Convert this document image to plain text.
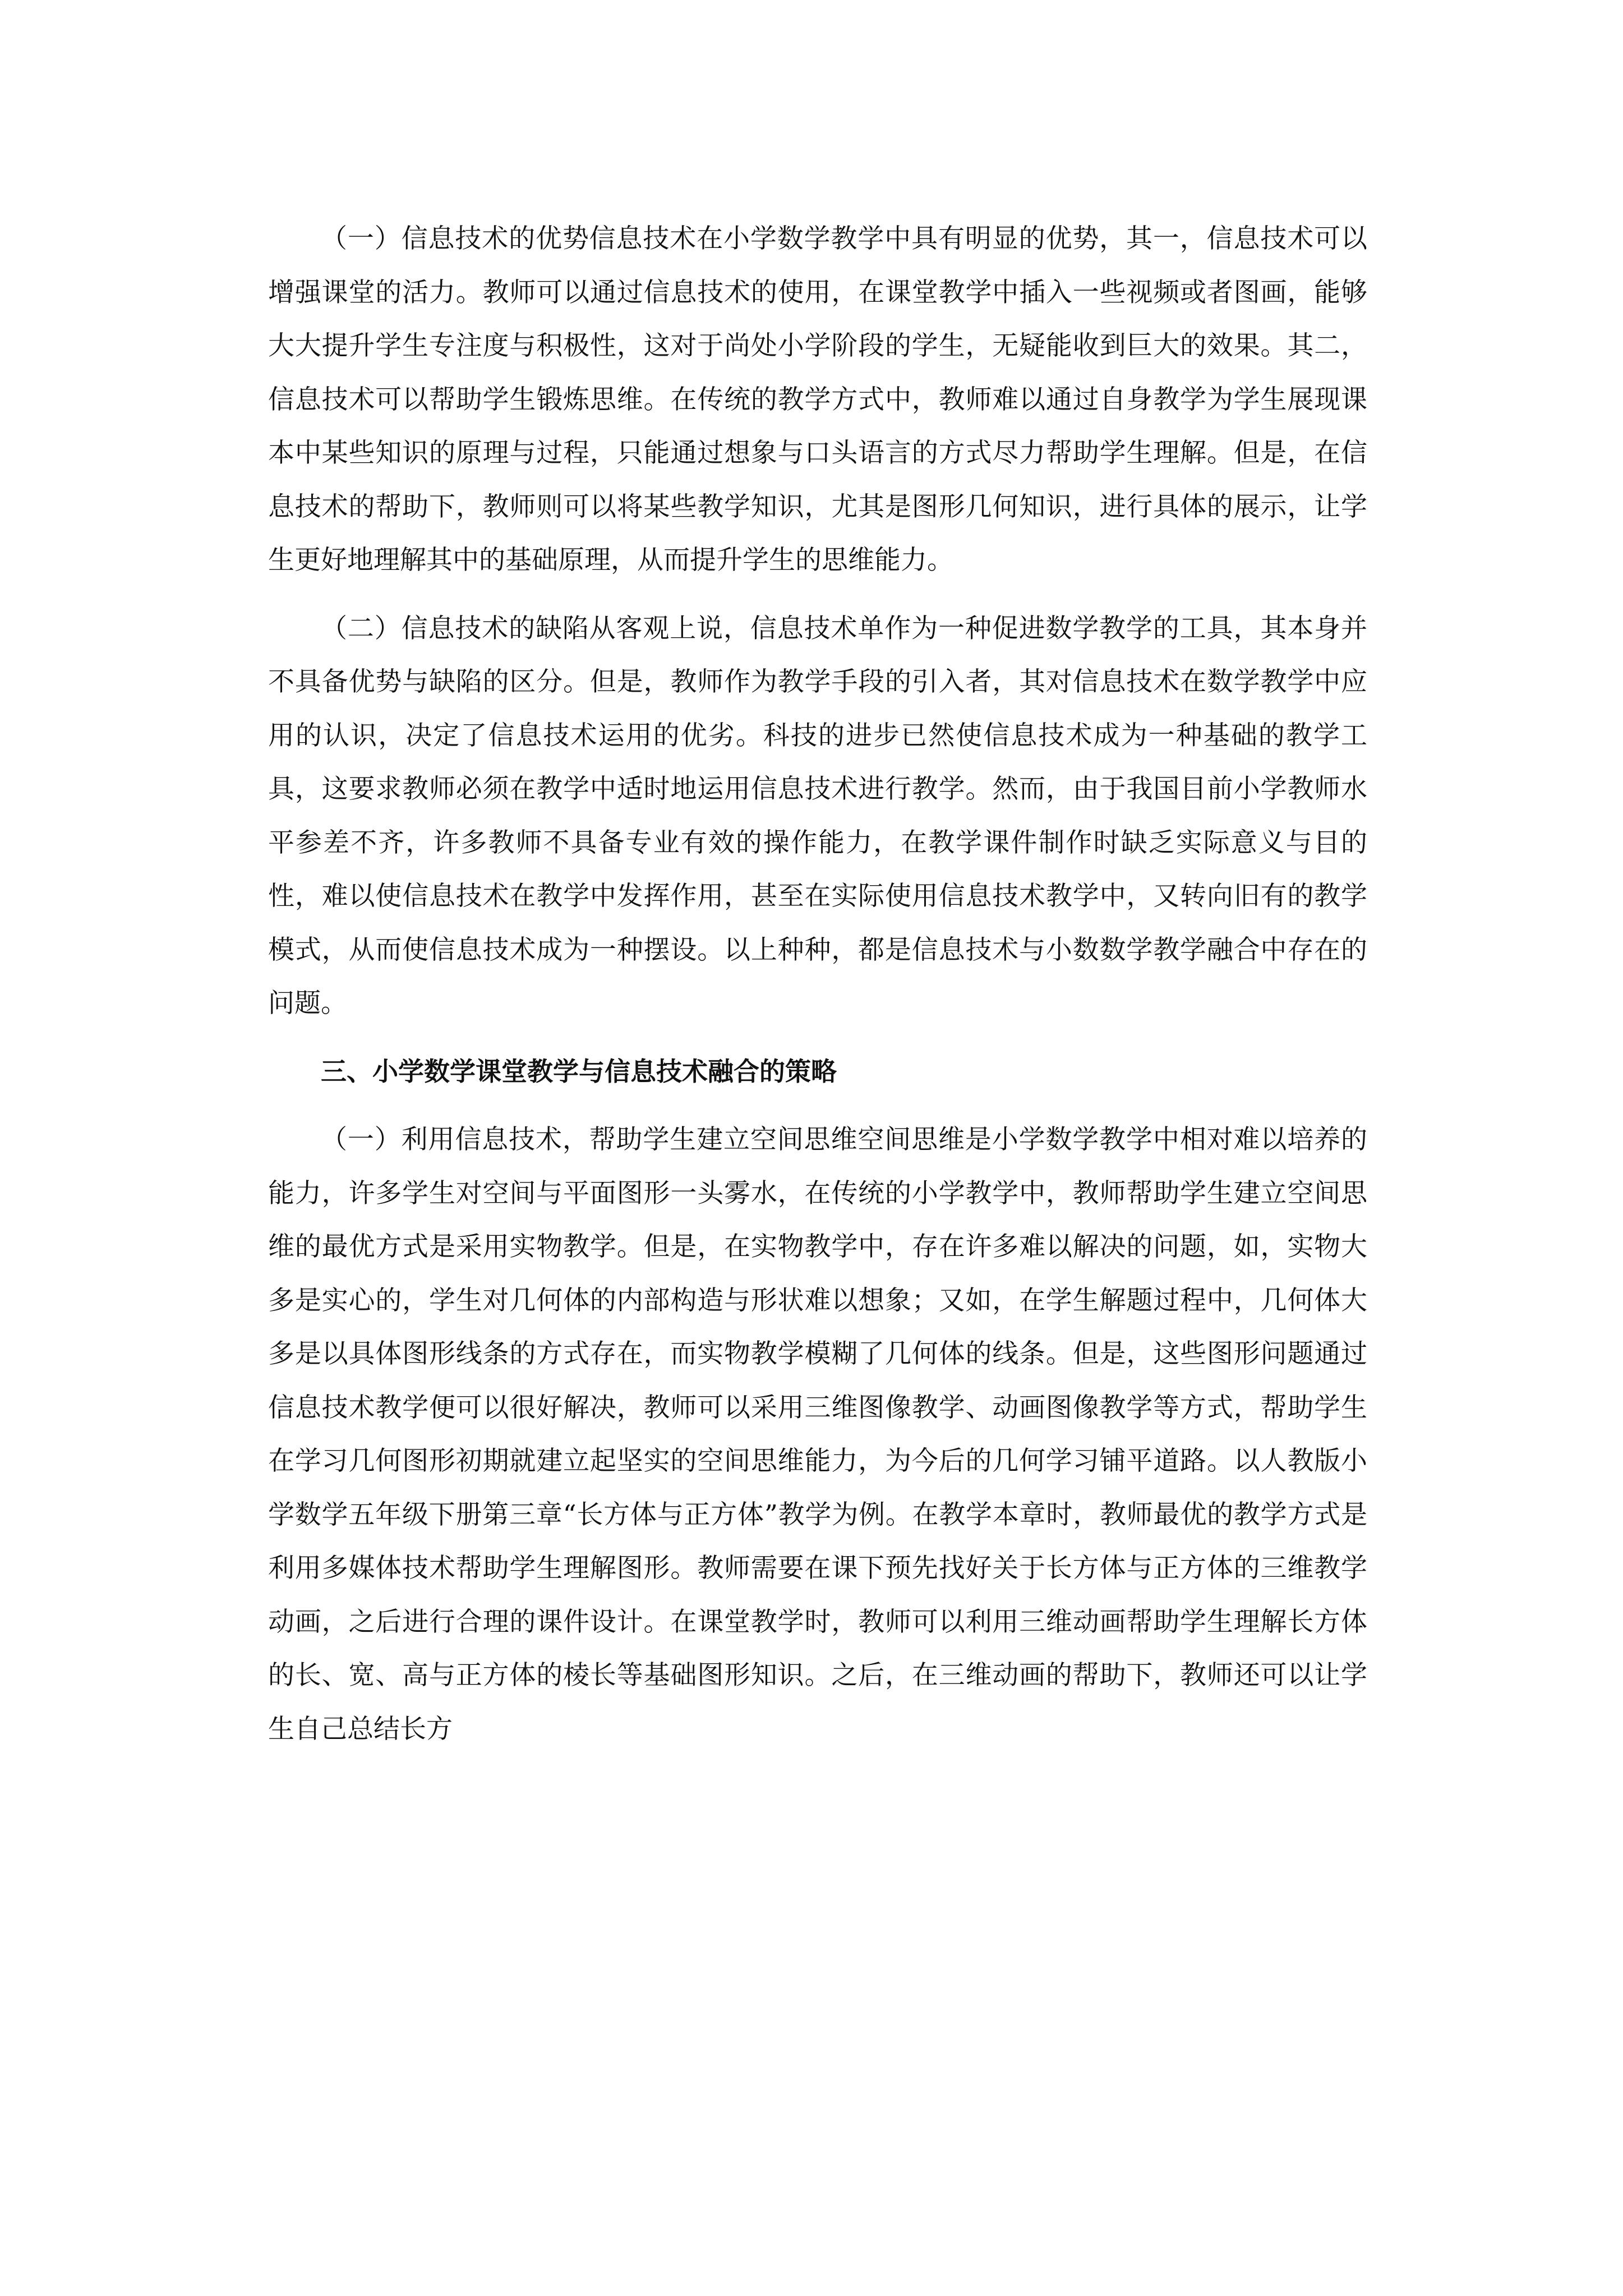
（一）信息技术的优势信息技术在小学数学教学中具有明显的优势，其一，信息技术可以增强课堂的活力。教师可以通过信息技术的使用，在课堂教学中插入一些视频或者图画，能够大大提升学生专注度与积极性，这对于尚处小学阶段的学生，无疑能收到巨大的效果。其二，信息技术可以帮助学生锻炼思维。在传统的教学方式中，教师难以通过自身教学为学生展现课本中某些知识的原理与过程，只能通过想象与口头语言的方式尽力帮助学生理解。但是，在信息技术的帮助下，教师则可以将某些教学知识，尤其是图形几何知识，进行具体的展示，让学生更好地理解其中的基础原理，从而提升学生的思维能力。

（二）信息技术的缺陷从客观上说，信息技术单作为一种促进数学教学的工具，其本身并不具备优势与缺陷的区分。但是，教师作为教学手段的引入者，其对信息技术在数学教学中应用的认识，决定了信息技术运用的优劣。科技的进步已然使信息技术成为一种基础的教学工具，这要求教师必须在教学中适时地运用信息技术进行教学。然而，由于我国目前小学教师水平参差不齐，许多教师不具备专业有效的操作能力，在教学课件制作时缺乏实际意义与目的性，难以使信息技术在教学中发挥作用，甚至在实际使用信息技术教学中，又转向旧有的教学模式，从而使信息技术成为一种摆设。以上种种，都是信息技术与小数数学教学融合中存在的问题。

三、小学数学课堂教学与信息技术融合的策略

（一）利用信息技术，帮助学生建立空间思维空间思维是小学数学教学中相对难以培养的能力，许多学生对空间与平面图形一头雾水，在传统的小学教学中，教师帮助学生建立空间思维的最优方式是采用实物教学。但是，在实物教学中，存在许多难以解决的问题，如，实物大多是实心的，学生对几何体的内部构造与形状难以想象；又如，在学生解题过程中，几何体大多是以具体图形线条的方式存在，而实物教学模糊了几何体的线条。但是，这些图形问题通过信息技术教学便可以很好解决，教师可以采用三维图像教学、动画图像教学等方式，帮助学生在学习几何图形初期就建立起坚实的空间思维能力，为今后的几何学习铺平道路。以人教版小学数学五年级下册第三章“长方体与正方体”教学为例。在教学本章时，教师最优的教学方式是利用多媒体技术帮助学生理解图形。教师需要在课下预先找好关于长方体与正方体的三维教学动画，之后进行合理的课件设计。在课堂教学时，教师可以利用三维动画帮助学生理解长方体的长、宽、高与正方体的棱长等基础图形知识。之后，在三维动画的帮助下，教师还可以让学生自己总结长方
